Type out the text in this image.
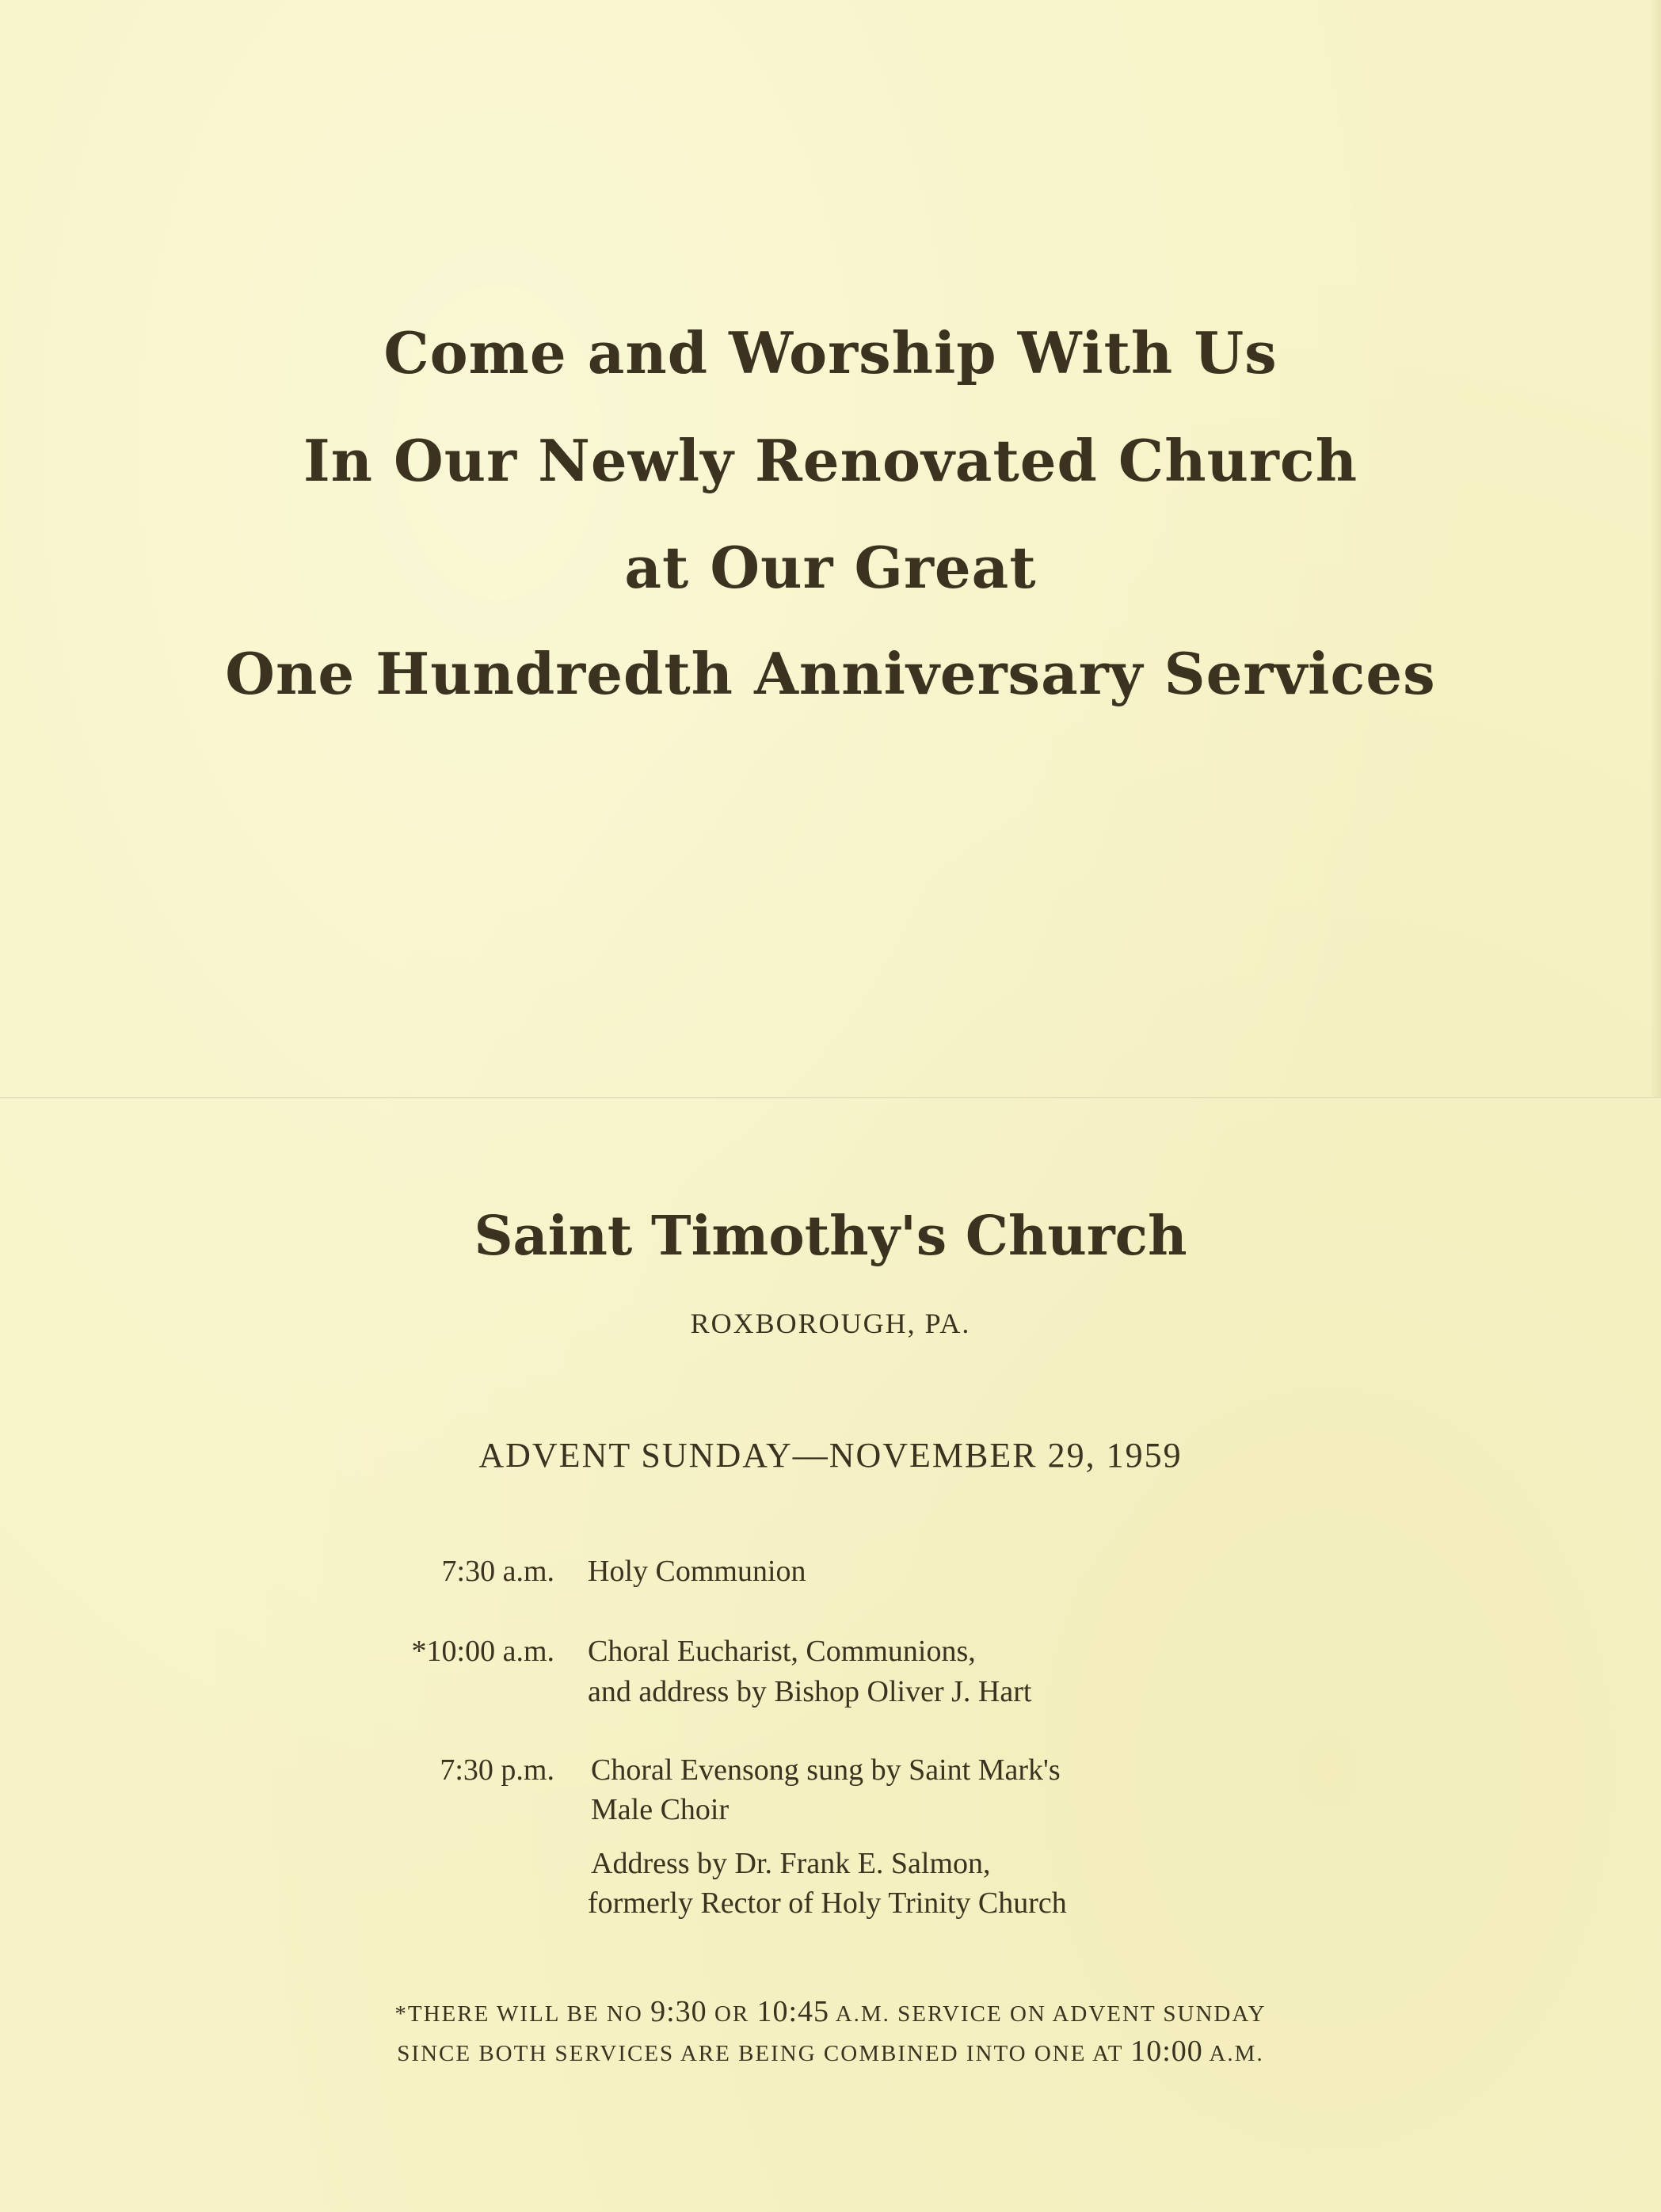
Come and Worship With Us
In Our Newly Renovated Church
at Our Great
One Hundredth Anniversary Services
Saint Timothy's Church
ROXBOROUGH, PA.
ADVENT SUNDAY—NOVEMBER 29, 1959
7:30 a.m. Holy Communion
*10:00 a.m. Choral Eucharist, Communions,
and address by Bishop Oliver J. Hart
7:30 p.m. Choral Evensong sung by Saint Mark's
Male Choir
Address by Dr. Frank E. Salmon,
formerly Rector of Holy Trinity Church
*THERE WILL BE NO 9:30 OR 10:45 A.M. SERVICE ON ADVENT SUNDAY
SINCE BOTH SERVICES ARE BEING COMBINED INTO ONE AT 10:00 A.M.
